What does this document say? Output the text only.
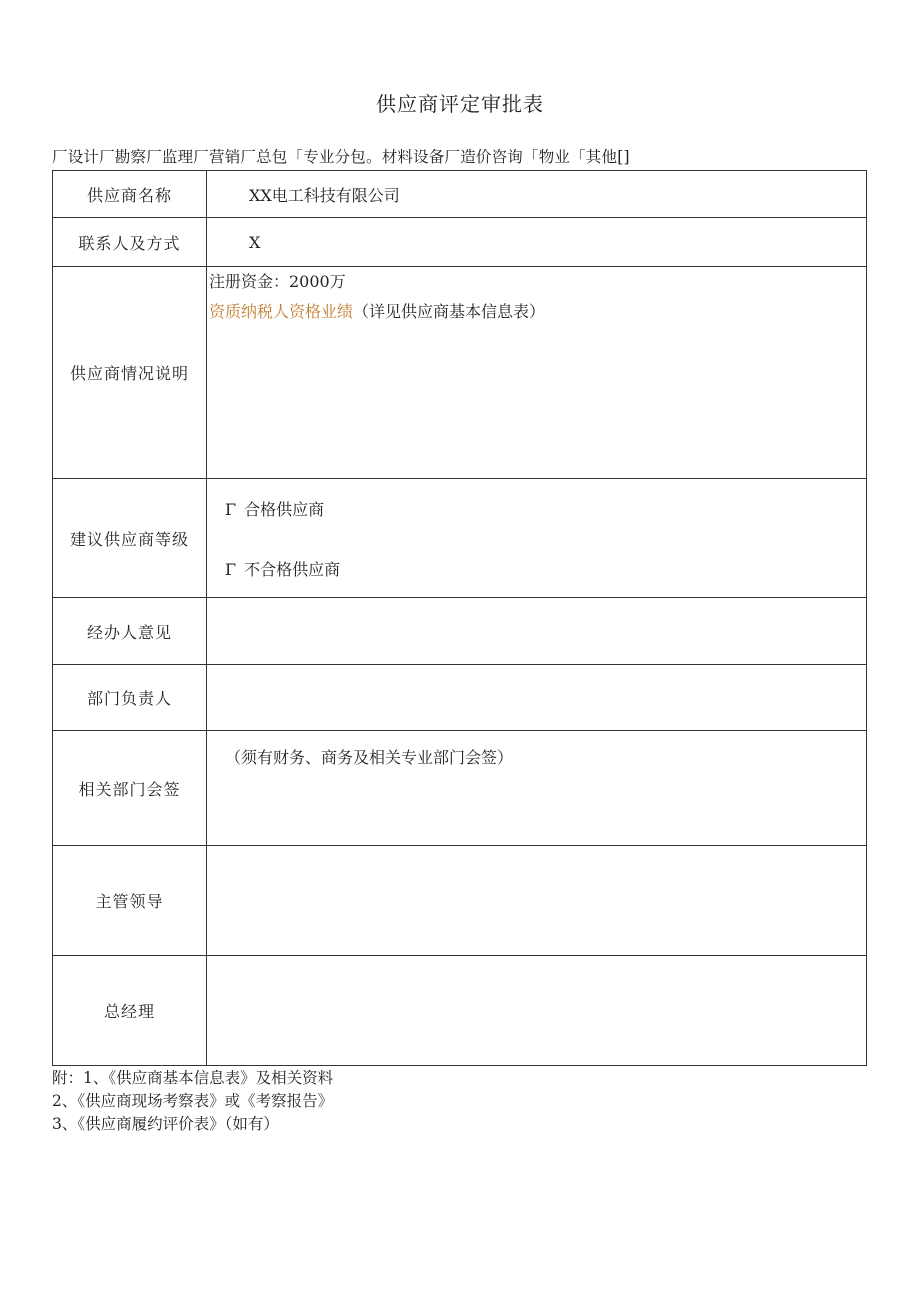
供应商评定审批表
厂设计厂勘察厂监理厂营销厂总包「专业分包。材料设备厂造价咨询「物业「其他[]
供应商名称	XX电工科技有限公司
联系人及方式	X
供应商情况说明	注册资金：2000万
资质纳税人资格业绩（详见供应商基本信息表）

建议供应商等级	Γ 合格供应商
Γ 不合格供应商

经办人意见	
部门负责人	
相关部门会签	（须有财务、商务及相关专业部门会签）

主管领导	
总经理	
附：1、《供应商基本信息表》及相关资料
2、《供应商现场考察表》或《考察报告》
3、《供应商履约评价表》（如有）
